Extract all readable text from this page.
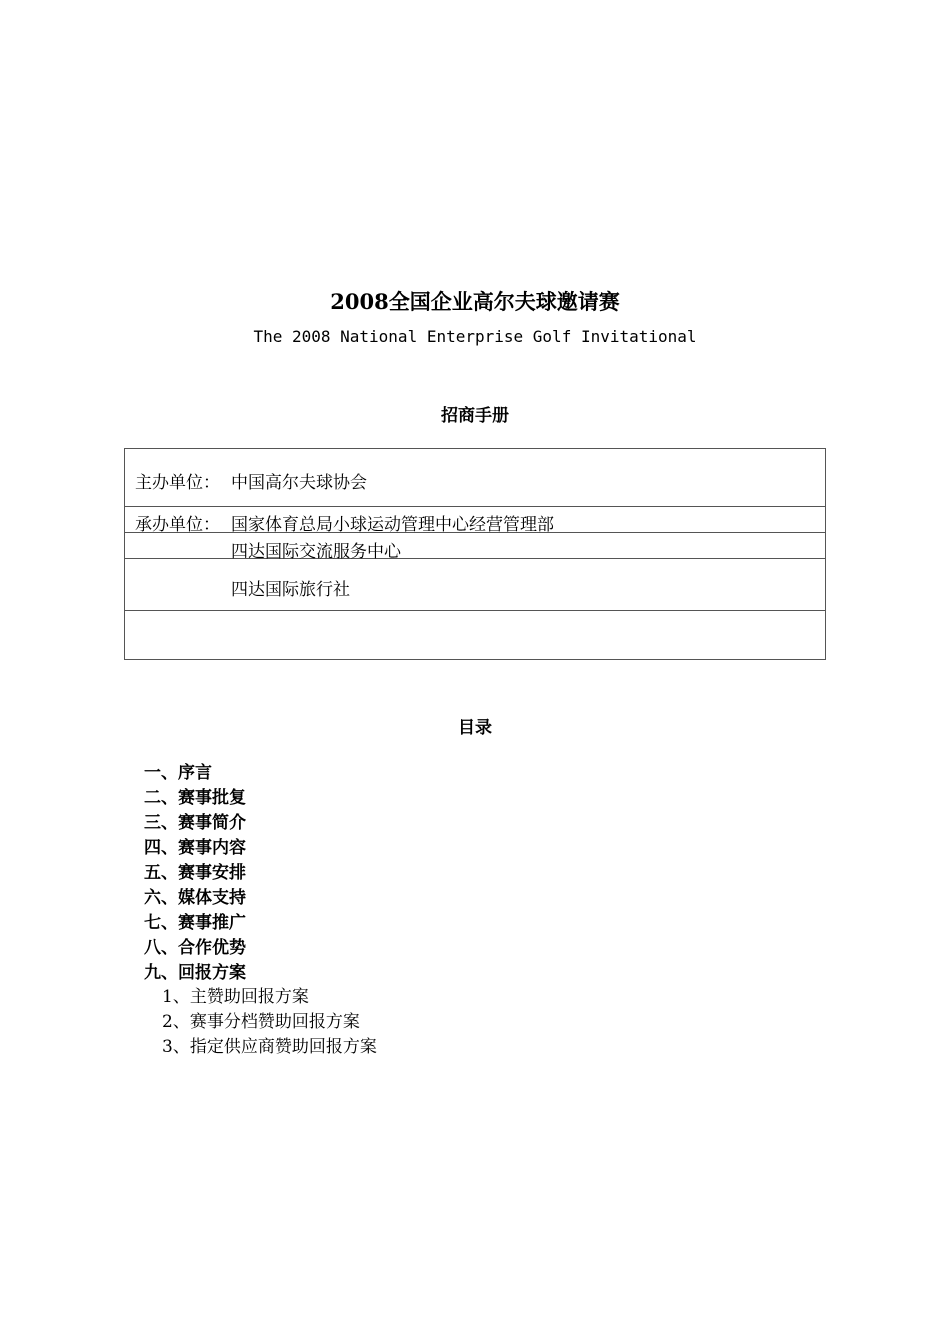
2008全国企业高尔夫球邀请赛
The 2008 National Enterprise Golf Invitational
招商手册
主办单位： 中国高尔夫球协会
承办单位： 国家体育总局小球运动管理中心经营管理部
四达国际交流服务中心
四达国际旅行社
目录
一、序言
二、赛事批复
三、赛事简介
四、赛事内容
五、赛事安排
六、媒体支持
七、赛事推广
八、合作优势
九、回报方案
1、主赞助回报方案
2、赛事分档赞助回报方案
3、指定供应商赞助回报方案
